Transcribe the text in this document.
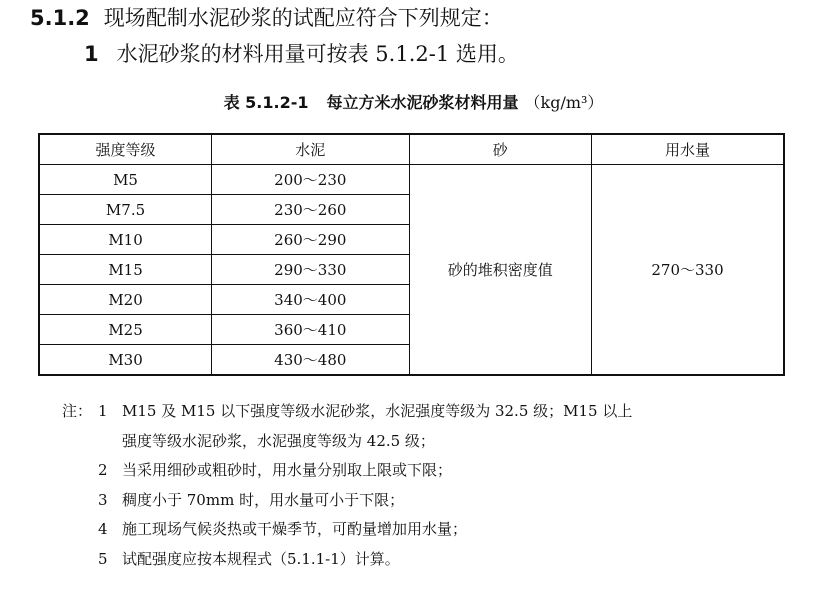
5.1.2 现场配制水泥砂浆的试配应符合下列规定：
1 水泥砂浆的材料用量可按表 5.1.2-1 选用。
表 5.1.2-1 每立方米水泥砂浆材料用量 （kg/m³）
强度等级	水泥	砂	用水量
M5	200～230	砂的堆积密度值	270～330
M7.5	230～260		
M10	260～290		
M15	290～330		
M20	340～400		
M25	360～410		
M30	430～480		
注： 1 M15 及 M15 以下强度等级水泥砂浆，水泥强度等级为 32.5 级；M15 以上
强度等级水泥砂浆，水泥强度等级为 42.5 级；
2 当采用细砂或粗砂时，用水量分别取上限或下限；
3 稠度小于 70mm 时，用水量可小于下限；
4 施工现场气候炎热或干燥季节，可酌量增加用水量；
5 试配强度应按本规程式（5.1.1-1）计算。
